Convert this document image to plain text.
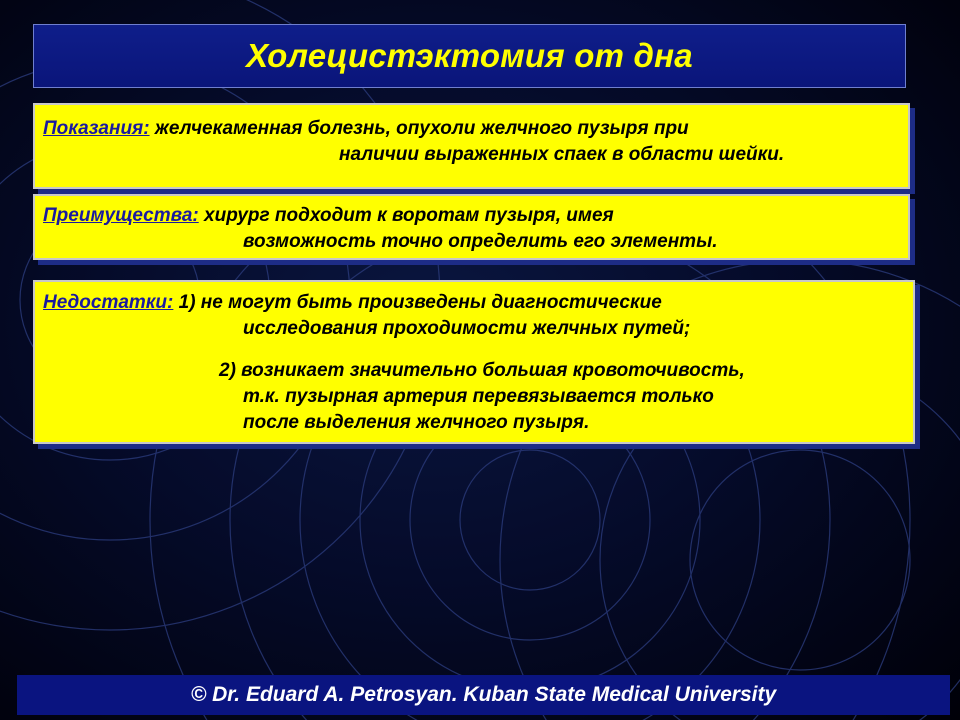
Холецистэктомия от дна
Показания: желчекаменная болезнь, опухоли желчного пузыря при
наличии выраженных спаек в области шейки.
Преимущества: хирург подходит к воротам пузыря, имея
возможность точно определить его элементы.
Недостатки: 1) не могут быть произведены диагностические
исследования проходимости желчных путей;
2) возникает значительно большая кровоточивость,
т.к. пузырная артерия перевязывается только
после выделения желчного пузыря.
© Dr. Eduard A. Petrosyan. Kuban State Medical University
